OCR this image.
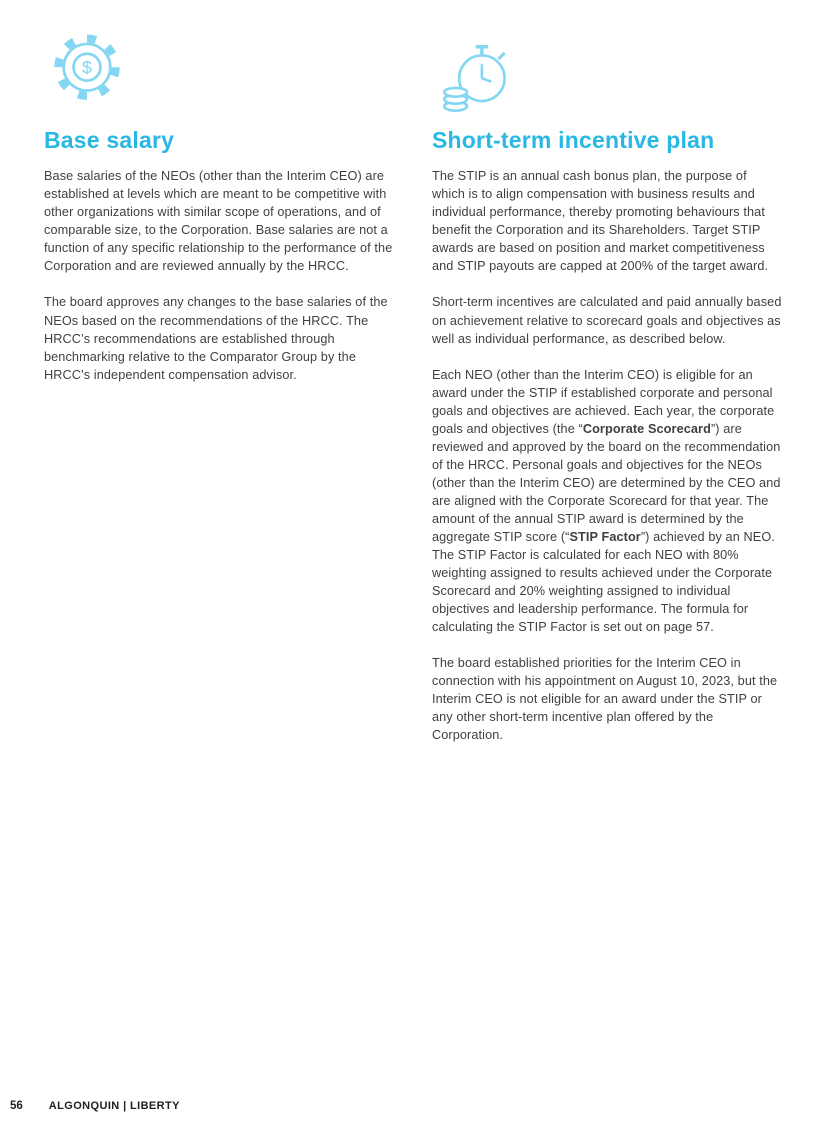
$
Base salary

Base salaries of the NEOs (other than the Interim CEO) are established at levels which are meant to be competitive with other organizations with similar scope of operations, and of comparable size, to the Corporation. Base salaries are not a function of any specific relationship to the performance of the Corporation and are reviewed annually by the HRCC.

The board approves any changes to the base salaries of the NEOs based on the recommendations of the HRCC. The HRCC’s recommendations are established through benchmarking relative to the Comparator Group by the HRCC’s independent compensation advisor.

Short-term incentive plan

The STIP is an annual cash bonus plan, the purpose of which is to align compensation with business results and individual performance, thereby promoting behaviours that benefit the Corporation and its Shareholders. Target STIP awards are based on position and market competitiveness and STIP payouts are capped at 200% of the target award.

Short-term incentives are calculated and paid annually based on achievement relative to scorecard goals and objectives as well as individual performance, as described below.

Each NEO (other than the Interim CEO) is eligible for an award under the STIP if established corporate and personal goals and objectives are achieved. Each year, the corporate goals and objectives (the “Corporate Scorecard”) are reviewed and approved by the board on the recommendation of the HRCC. Personal goals and objectives for the NEOs (other than the Interim CEO) are determined by the CEO and are aligned with the Corporate Scorecard for that year. The amount of the annual STIP award is determined by the aggregate STIP score (“STIP Factor”) achieved by an NEO. The STIP Factor is calculated for each NEO with 80% weighting assigned to results achieved under the Corporate Scorecard and 20% weighting assigned to individual objectives and leadership performance. The formula for calculating the STIP Factor is set out on page 57.

The board established priorities for the Interim CEO in connection with his appointment on August 10, 2023, but the Interim CEO is not eligible for an award under the STIP or any other short-term incentive plan offered by the Corporation.

56 ALGONQUIN | LIBERTY
